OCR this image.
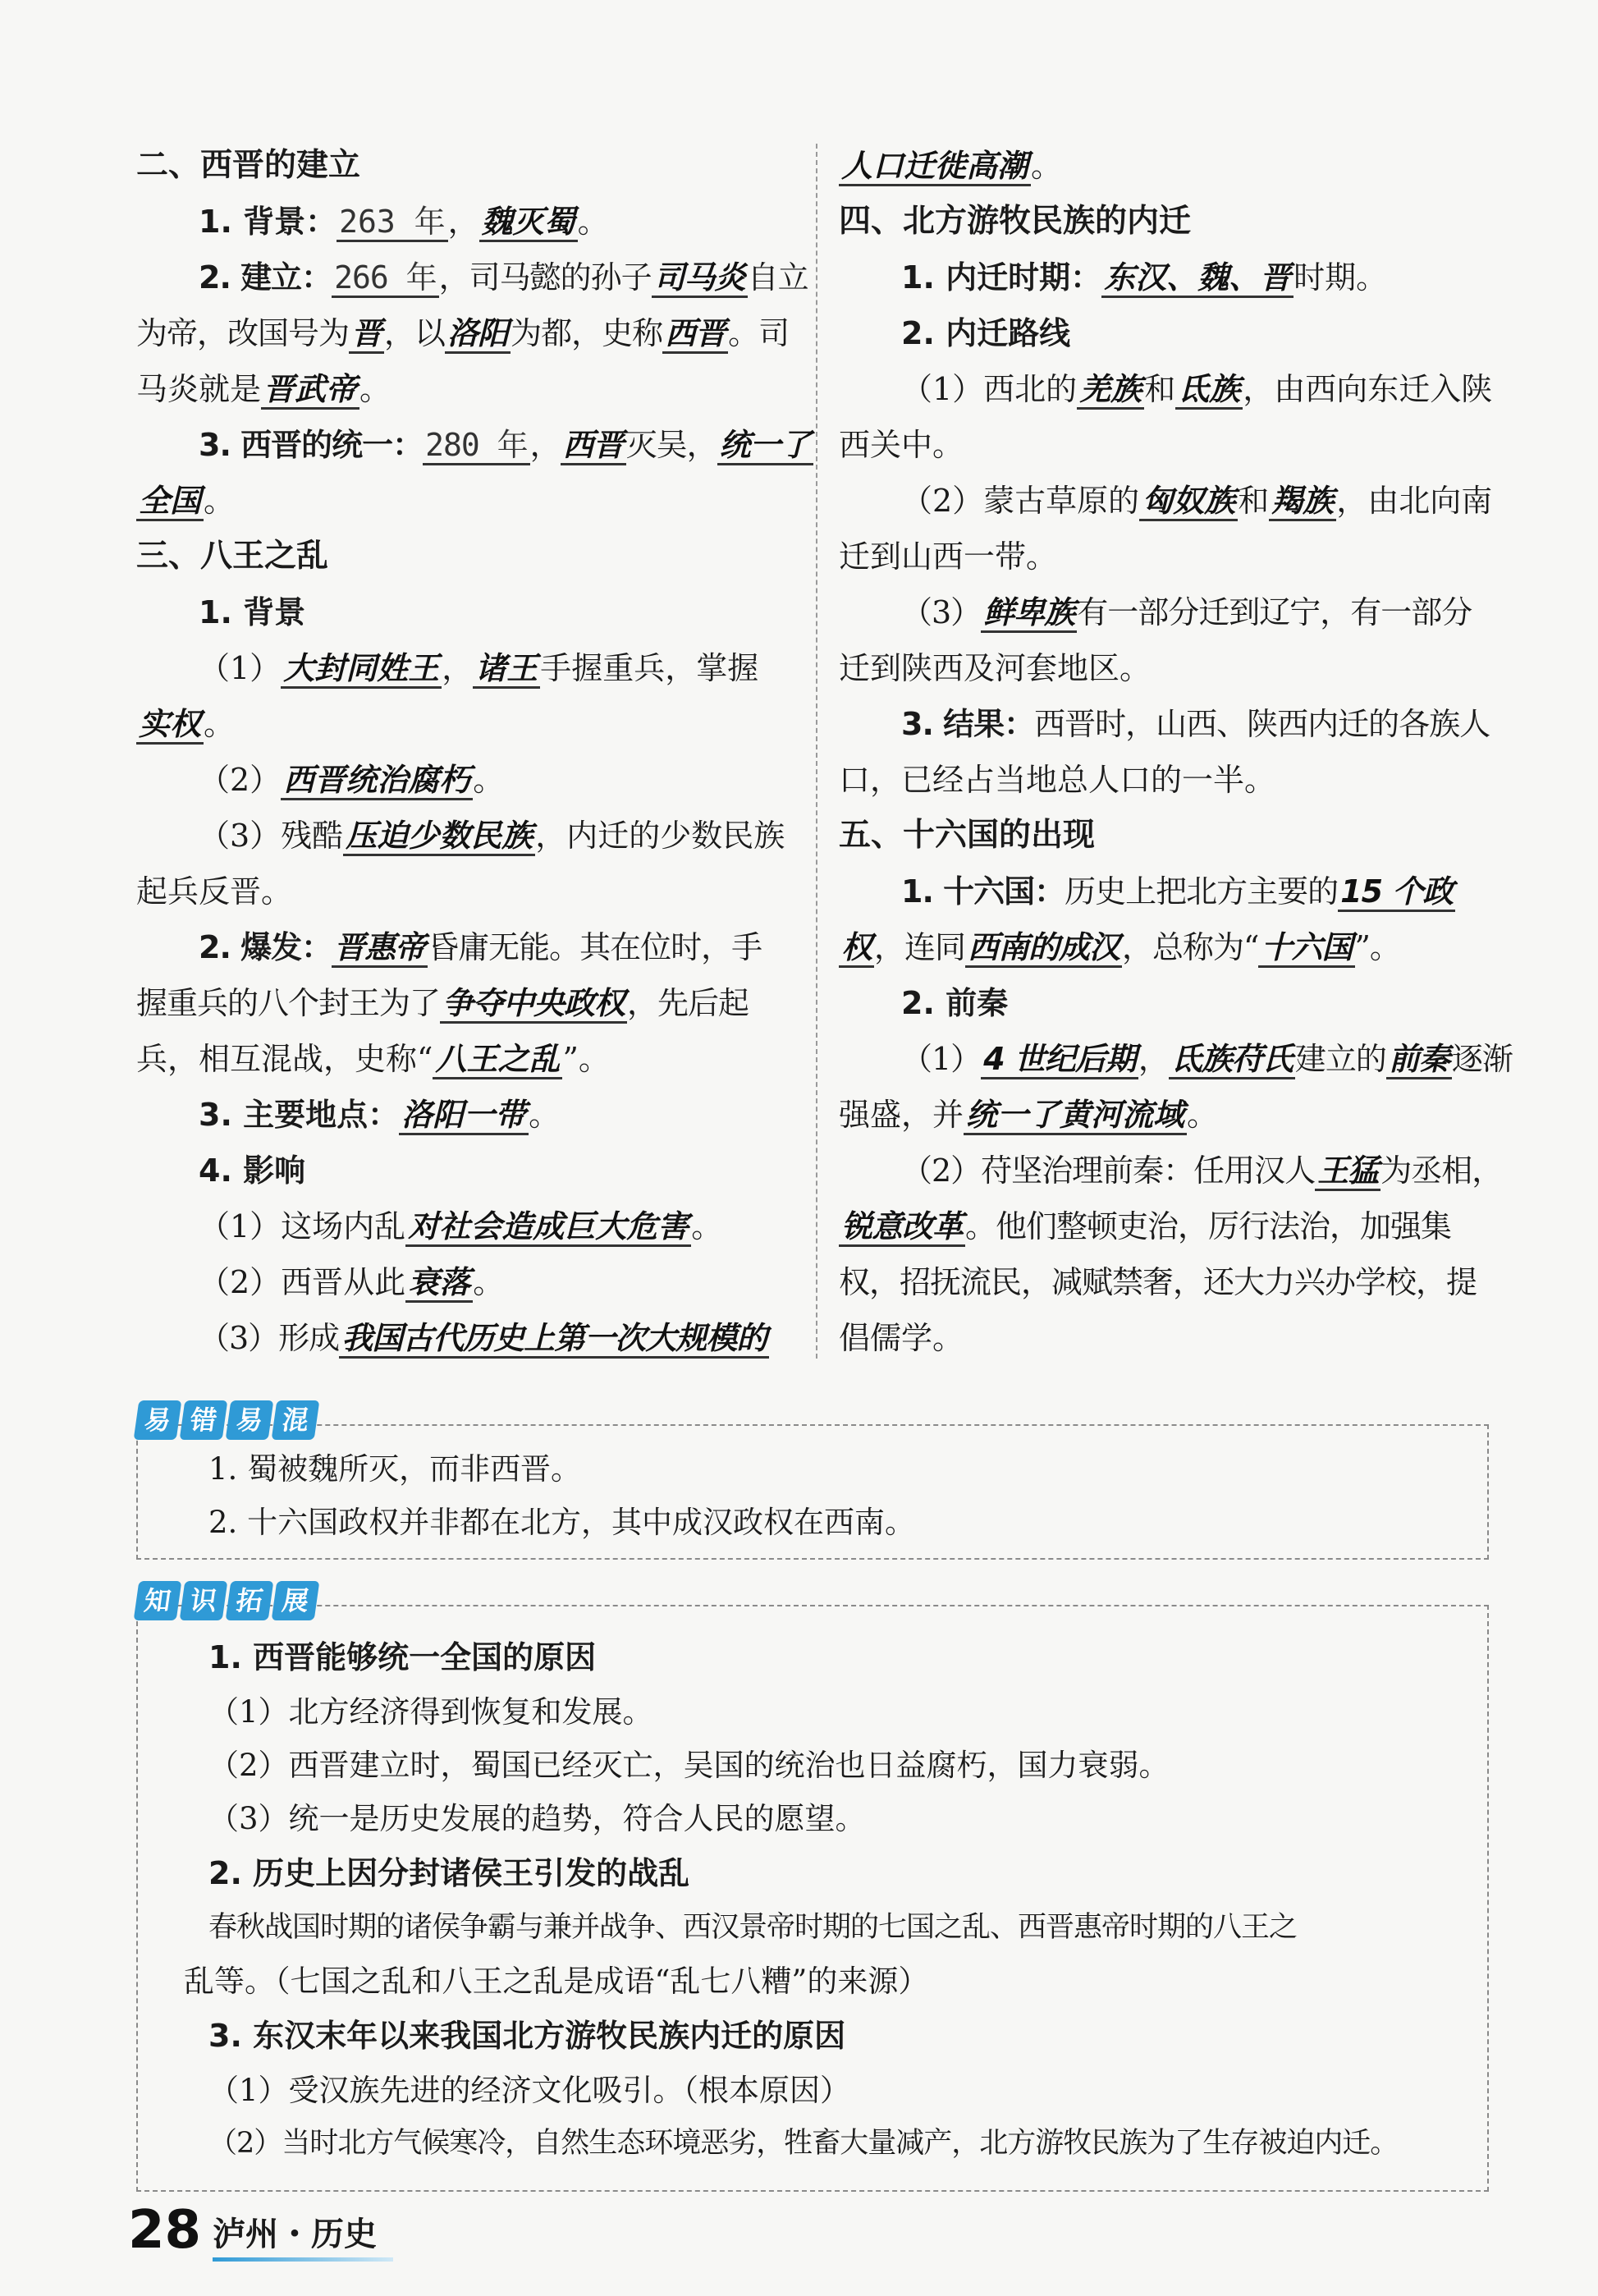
二、西晋的建立

1. 背景：263 年，魏灭蜀。

2. 建立：266 年，司马懿的孙子司马炎自立

为帝，改国号为晋，以洛阳为都，史称西晋。司

马炎就是晋武帝。

3. 西晋的统一：280 年，西晋灭吴，统一了

全国。

三、八王之乱

1. 背景

（1）大封同姓王，诸王手握重兵，掌握

实权。

（2）西晋统治腐朽。

（3）残酷压迫少数民族，内迁的少数民族

起兵反晋。

2. 爆发：晋惠帝昏庸无能。其在位时，手

握重兵的八个封王为了争夺中央政权，先后起

兵，相互混战，史称“八王之乱”。

3. 主要地点：洛阳一带。

4. 影响

（1）这场内乱对社会造成巨大危害。

（2）西晋从此衰落。

（3）形成我国古代历史上第一次大规模的

人口迁徙高潮。

四、北方游牧民族的内迁

1. 内迁时期：东汉、魏、晋时期。

2. 内迁路线

（1）西北的羌族和氐族，由西向东迁入陕

西关中。

（2）蒙古草原的匈奴族和羯族，由北向南

迁到山西一带。

（3）鲜卑族有一部分迁到辽宁，有一部分

迁到陕西及河套地区。

3. 结果：西晋时，山西、陕西内迁的各族人

口，已经占当地总人口的一半。

五、十六国的出现

1. 十六国：历史上把北方主要的15 个政

权，连同西南的成汉，总称为“十六国”。

2. 前秦

（1）4 世纪后期，氐族苻氏建立的前秦逐渐

强盛，并统一了黄河流域。

（2）苻坚治理前秦：任用汉人王猛为丞相，

锐意改革。他们整顿吏治，厉行法治，加强集

权，招抚流民，减赋禁奢，还大力兴办学校，提

倡儒学。

1. 蜀被魏所灭，而非西晋。

2. 十六国政权并非都在北方，其中成汉政权在西南。

易 错 易 混

1. 西晋能够统一全国的原因

（1）北方经济得到恢复和发展。

（2）西晋建立时，蜀国已经灭亡，吴国的统治也日益腐朽，国力衰弱。

（3）统一是历史发展的趋势，符合人民的愿望。

2. 历史上因分封诸侯王引发的战乱

春秋战国时期的诸侯争霸与兼并战争、西汉景帝时期的七国之乱、西晋惠帝时期的八王之

乱等。（七国之乱和八王之乱是成语“乱七八糟”的来源）

3. 东汉末年以来我国北方游牧民族内迁的原因

（1）受汉族先进的经济文化吸引。（根本原因）

（2）当时北方气候寒冷，自然生态环境恶劣，牲畜大量减产，北方游牧民族为了生存被迫内迁。

知 识 拓 展
28 泸州・历史
